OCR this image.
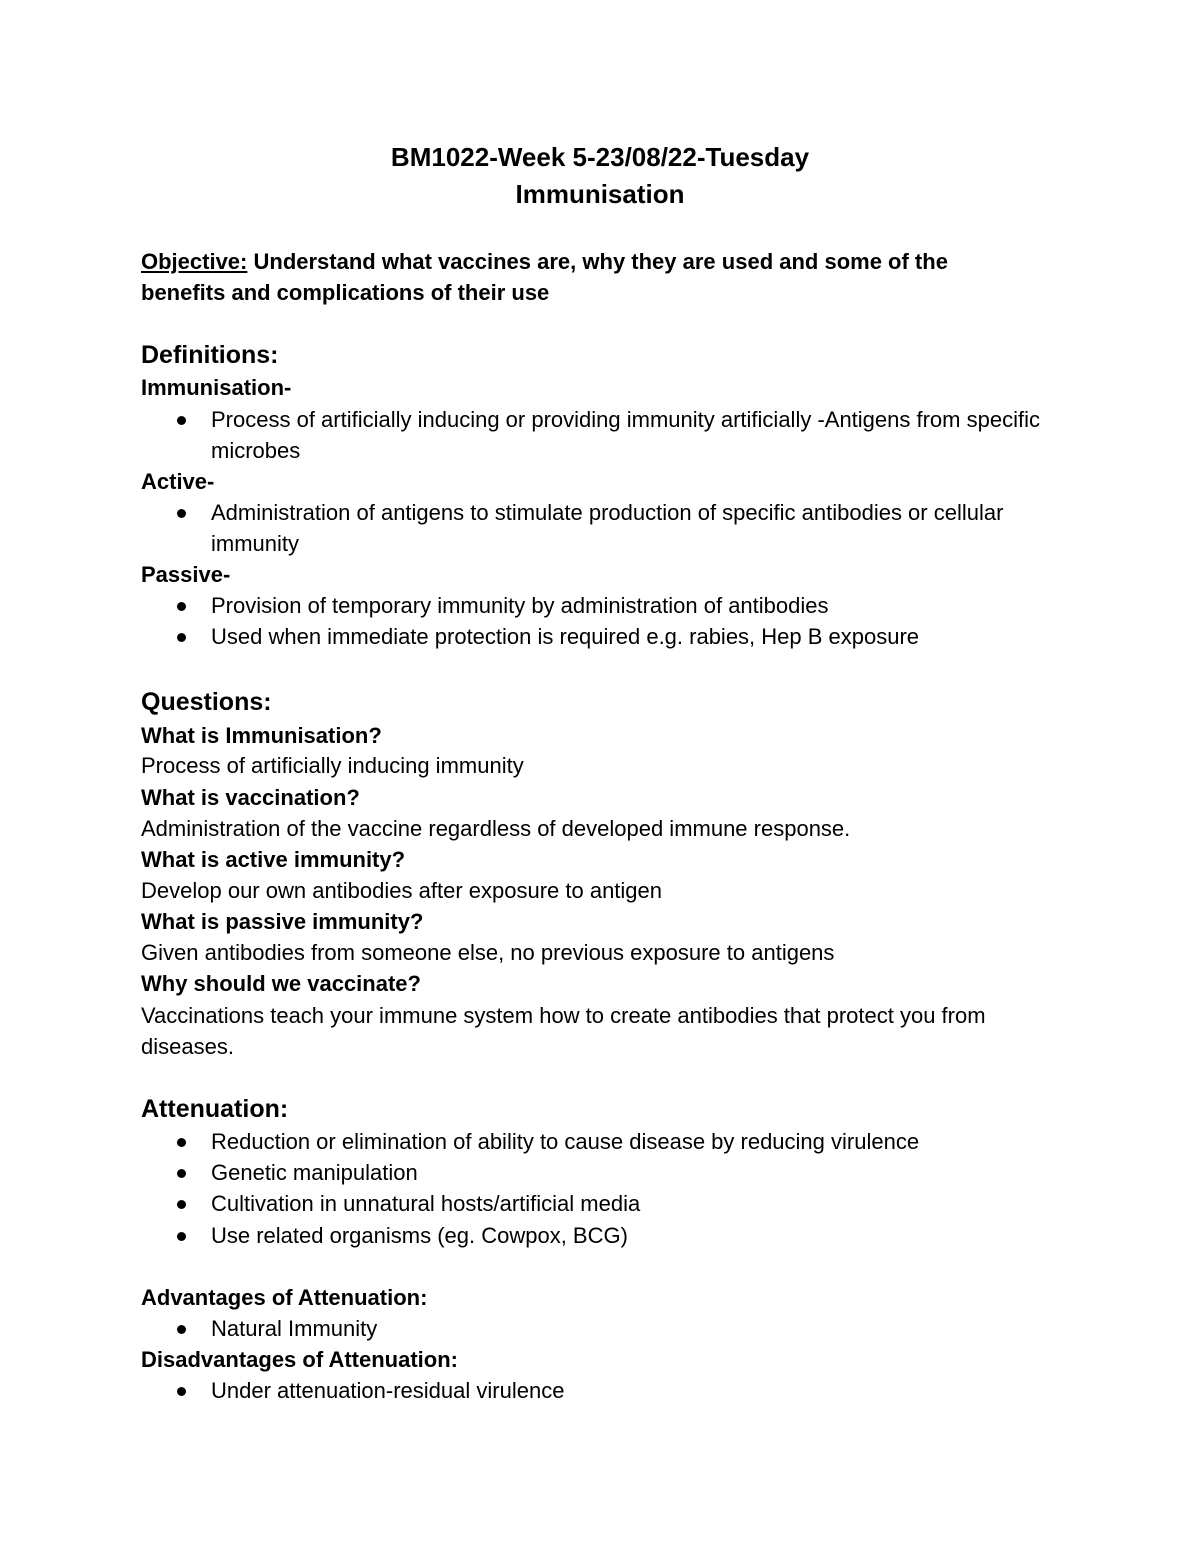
BM1022-Week 5-23/08/22-Tuesday
Immunisation
Objective: Understand what vaccines are, why they are used and some of the
benefits and complications of their use
Definitions:
Immunisation-
Process of artificially inducing or providing immunity artificially -Antigens from specific microbes
Active-
Administration of antigens to stimulate production of specific antibodies or cellular immunity
Passive-
Provision of temporary immunity by administration of antibodies
Used when immediate protection is required e.g. rabies, Hep B exposure
Questions:
What is Immunisation?
Process of artificially inducing immunity
What is vaccination?
Administration of the vaccine regardless of developed immune response.
What is active immunity?
Develop our own antibodies after exposure to antigen
What is passive immunity?
Given antibodies from someone else, no previous exposure to antigens
Why should we vaccinate?
Vaccinations teach your immune system how to create antibodies that protect you from
diseases.
Attenuation:
Reduction or elimination of ability to cause disease by reducing virulence
Genetic manipulation
Cultivation in unnatural hosts/artificial media
Use related organisms (eg. Cowpox, BCG)
Advantages of Attenuation:
Natural Immunity
Disadvantages of Attenuation:
Under attenuation-residual virulence
